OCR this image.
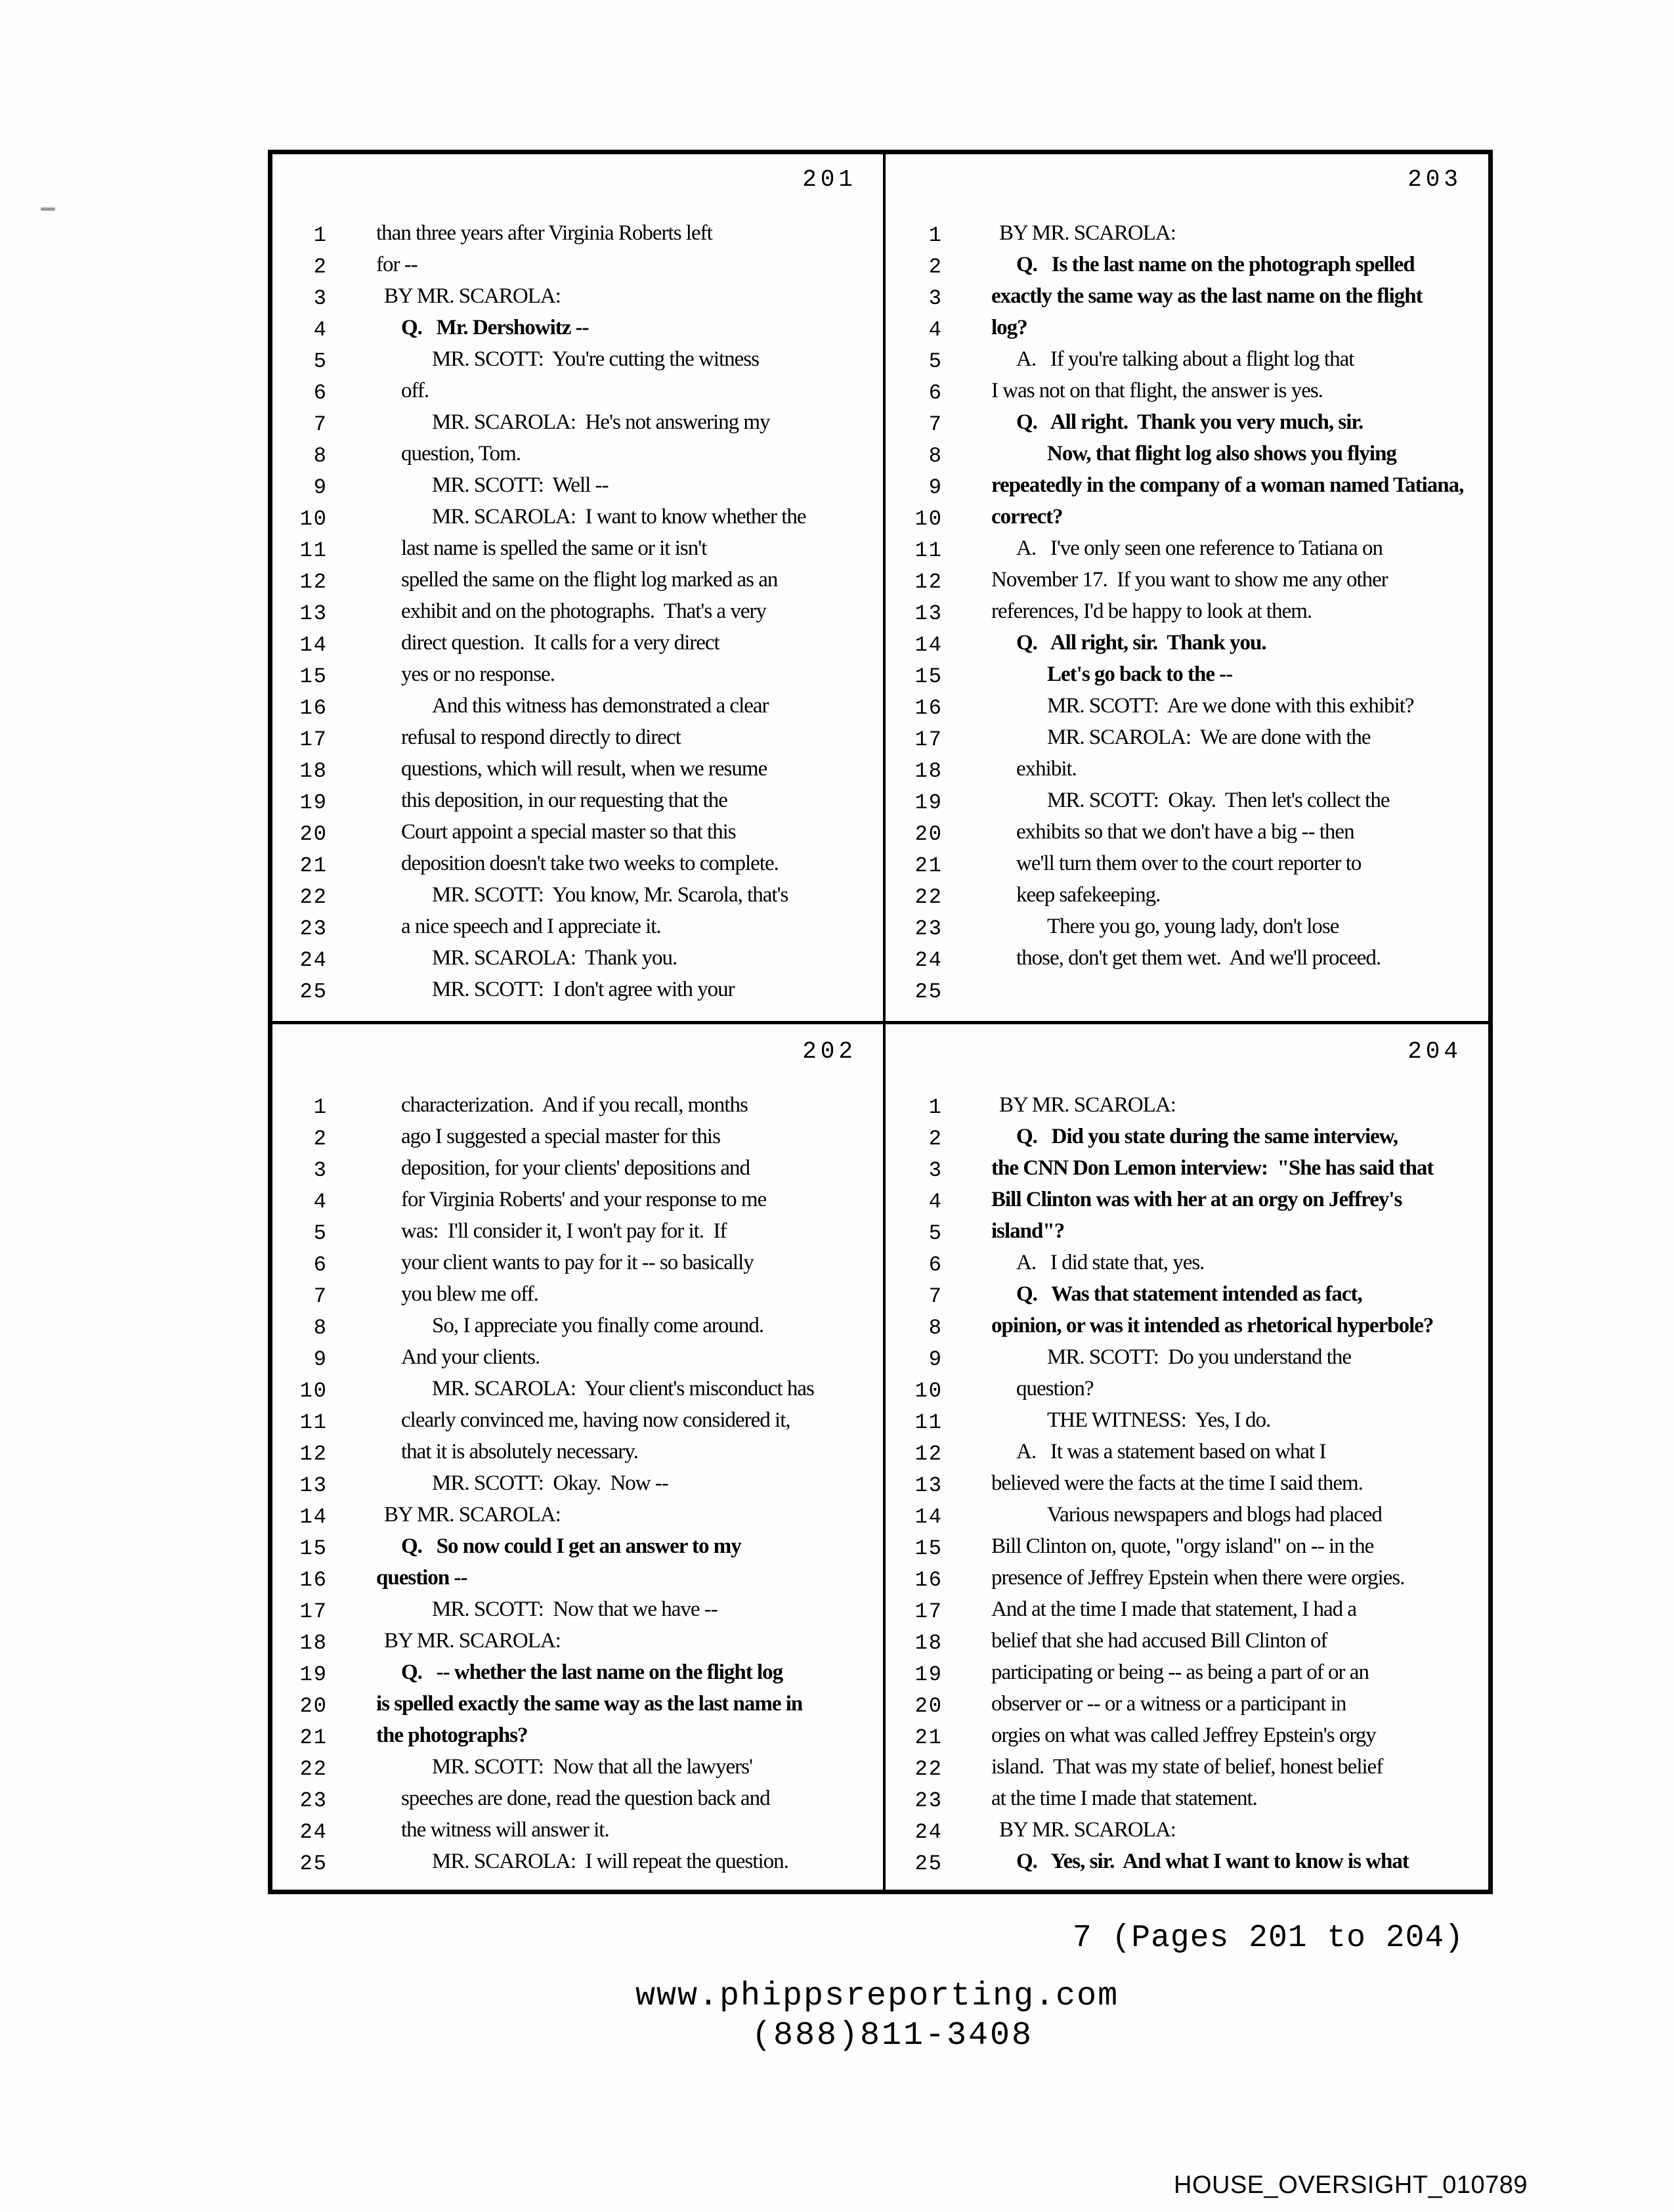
201
1 than three years after Virginia Roberts left
2 for --
3	BY MR. SCAROLA:
4	Q.   Mr. Dershowitz --
5	MR. SCOTT:  You're cutting the witness
6	off.
7	MR. SCAROLA:  He's not answering my
8	question, Tom.
9	MR. SCOTT:  Well --
10	MR. SCAROLA:  I want to know whether the
11	last name is spelled the same or it isn't
12	spelled the same on the flight log marked as an
13	exhibit and on the photographs.  That's a very
14	direct question.  It calls for a very direct
15	yes or no response.
16	And this witness has demonstrated a clear
17	refusal to respond directly to direct
18	questions, which will result, when we resume
19	this deposition, in our requesting that the
20	Court appoint a special master so that this
21	deposition doesn't take two weeks to complete.
22	MR. SCOTT:  You know, Mr. Scarola, that's
23	a nice speech and I appreciate it.
24	MR. SCAROLA:  Thank you.
25	MR. SCOTT:  I don't agree with your
203
1	BY MR. SCAROLA:
2	Q.   Is the last name on the photograph spelled
3 exactly the same way as the last name on the flight
4 log?
5	A.   If you're talking about a flight log that
6 I was not on that flight, the answer is yes.
7	Q.   All right.  Thank you very much, sir.
8	Now, that flight log also shows you flying
9 repeatedly in the company of a woman named Tatiana,
10 correct?
11	A.   I've only seen one reference to Tatiana on
12 November 17.  If you want to show me any other
13 references, I'd be happy to look at them.
14	Q.   All right, sir.  Thank you.
15	Let's go back to the --
16	MR. SCOTT:  Are we done with this exhibit?
17	MR. SCAROLA:  We are done with the
18	exhibit.
19	MR. SCOTT:  Okay.  Then let's collect the
20	exhibits so that we don't have a big -- then
21	we'll turn them over to the court reporter to
22	keep safekeeping.
23	There you go, young lady, don't lose
24	those, don't get them wet.  And we'll proceed.
25
202
1	characterization.  And if you recall, months
2	ago I suggested a special master for this
3	deposition, for your clients' depositions and
4	for Virginia Roberts' and your response to me
5	was:  I'll consider it, I won't pay for it.  If
6	your client wants to pay for it -- so basically
7	you blew me off.
8	So, I appreciate you finally come around.
9	And your clients.
10	MR. SCAROLA:  Your client's misconduct has
11	clearly convinced me, having now considered it,
12	that it is absolutely necessary.
13	MR. SCOTT:  Okay.  Now --
14	BY MR. SCAROLA:
15	Q.   So now could I get an answer to my
16 question --
17	MR. SCOTT:  Now that we have --
18	BY MR. SCAROLA:
19	Q.   -- whether the last name on the flight log
20 is spelled exactly the same way as the last name in
21 the photographs?
22	MR. SCOTT:  Now that all the lawyers'
23	speeches are done, read the question back and
24	the witness will answer it.
25	MR. SCAROLA:  I will repeat the question.
204
1	BY MR. SCAROLA:
2	Q.   Did you state during the same interview,
3 the CNN Don Lemon interview:  "She has said that
4 Bill Clinton was with her at an orgy on Jeffrey's
5 island"?
6	A.   I did state that, yes.
7	Q.   Was that statement intended as fact,
8 opinion, or was it intended as rhetorical hyperbole?
9	MR. SCOTT:  Do you understand the
10	question?
11	THE WITNESS:  Yes, I do.
12	A.   It was a statement based on what I
13 believed were the facts at the time I said them.
14	Various newspapers and blogs had placed
15 Bill Clinton on, quote, "orgy island" on -- in the
16 presence of Jeffrey Epstein when there were orgies.
17 And at the time I made that statement, I had a
18 belief that she had accused Bill Clinton of
19 participating or being -- as being a part of or an
20 observer or -- or a witness or a participant in
21 orgies on what was called Jeffrey Epstein's orgy
22 island.  That was my state of belief, honest belief
23 at the time I made that statement.
24	BY MR. SCAROLA:
25	Q.   Yes, sir.  And what I want to know is what
7 (Pages 201 to 204)
www.phippsreporting.com
(888)811-3408
HOUSE_OVERSIGHT_010789
